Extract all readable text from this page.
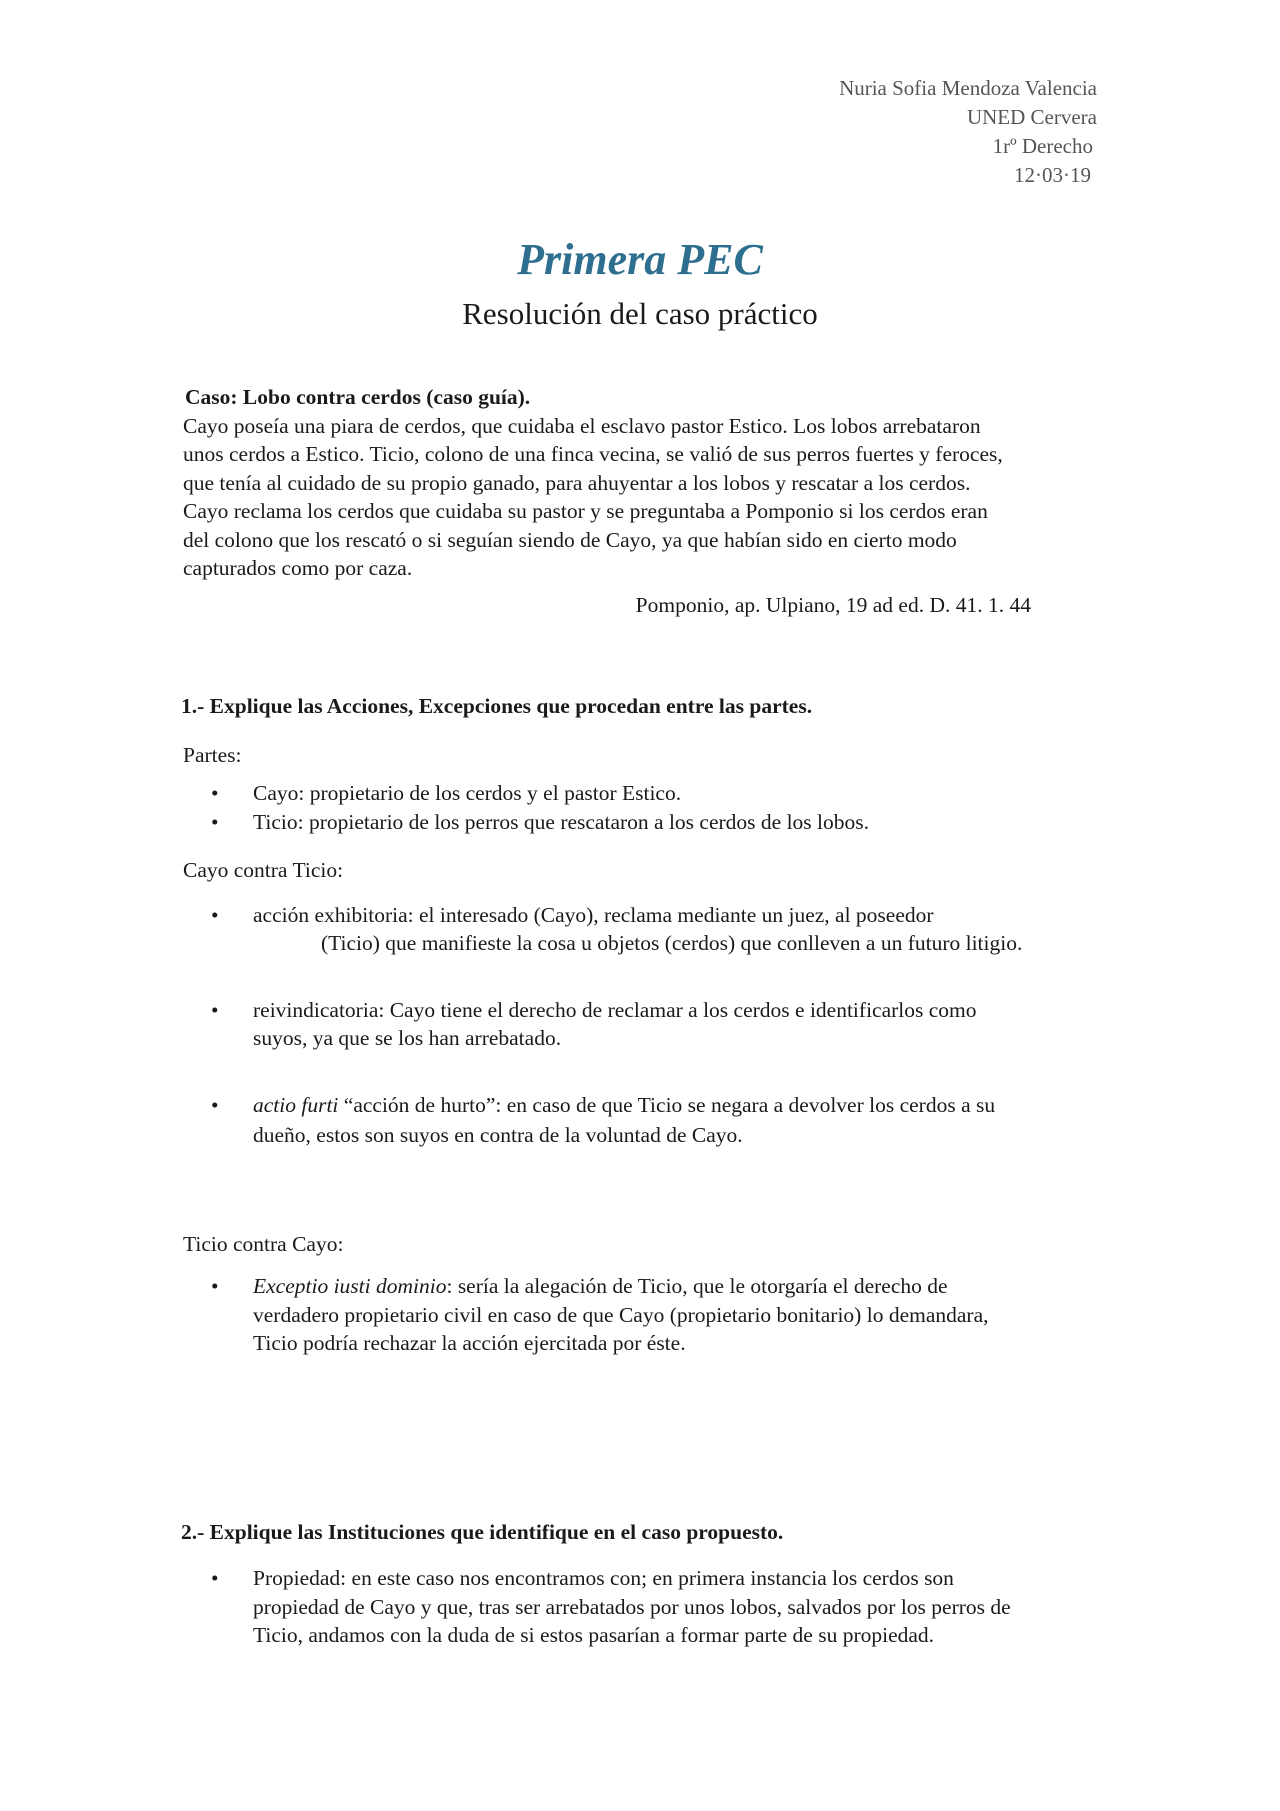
Nuria Sofia Mendoza Valencia
UNED Cervera
1rº Derecho
12·03·19
Primera PEC
Resolución del caso práctico
Caso: Lobo contra cerdos (caso guía).
Cayo poseía una piara de cerdos, que cuidaba el esclavo pastor Estico. Los lobos arrebataron
unos cerdos a Estico. Ticio, colono de una finca vecina, se valió de sus perros fuertes y feroces,
que tenía al cuidado de su propio ganado, para ahuyentar a los lobos y rescatar a los cerdos.
Cayo reclama los cerdos que cuidaba su pastor y se preguntaba a Pomponio si los cerdos eran
del colono que los rescató o si seguían siendo de Cayo, ya que habían sido en cierto modo
capturados como por caza.
Pomponio, ap. Ulpiano, 19 ad ed. D. 41. 1. 44
1.- Explique las Acciones, Excepciones que procedan entre las partes.
Partes:
• Cayo: propietario de los cerdos y el pastor Estico.
• Ticio: propietario de los perros que rescataron a los cerdos de los lobos.
Cayo contra Ticio:
• acción exhibitoria: el interesado (Cayo), reclama mediante un juez, al poseedor
(Ticio) que manifieste la cosa u objetos (cerdos) que conlleven a un futuro litigio.
• reivindicatoria: Cayo tiene el derecho de reclamar a los cerdos e identificarlos como
suyos, ya que se los han arrebatado.
• actio furti “acción de hurto”: en caso de que Ticio se negara a devolver los cerdos a su
dueño, estos son suyos en contra de la voluntad de Cayo.
Ticio contra Cayo:
• Exceptio iusti dominio: sería la alegación de Ticio, que le otorgaría el derecho de
verdadero propietario civil en caso de que Cayo (propietario bonitario) lo demandara,
Ticio podría rechazar la acción ejercitada por éste.
2.- Explique las Instituciones que identifique en el caso propuesto.
• Propiedad: en este caso nos encontramos con; en primera instancia los cerdos son
propiedad de Cayo y que, tras ser arrebatados por unos lobos, salvados por los perros de
Ticio, andamos con la duda de si estos pasarían a formar parte de su propiedad.
